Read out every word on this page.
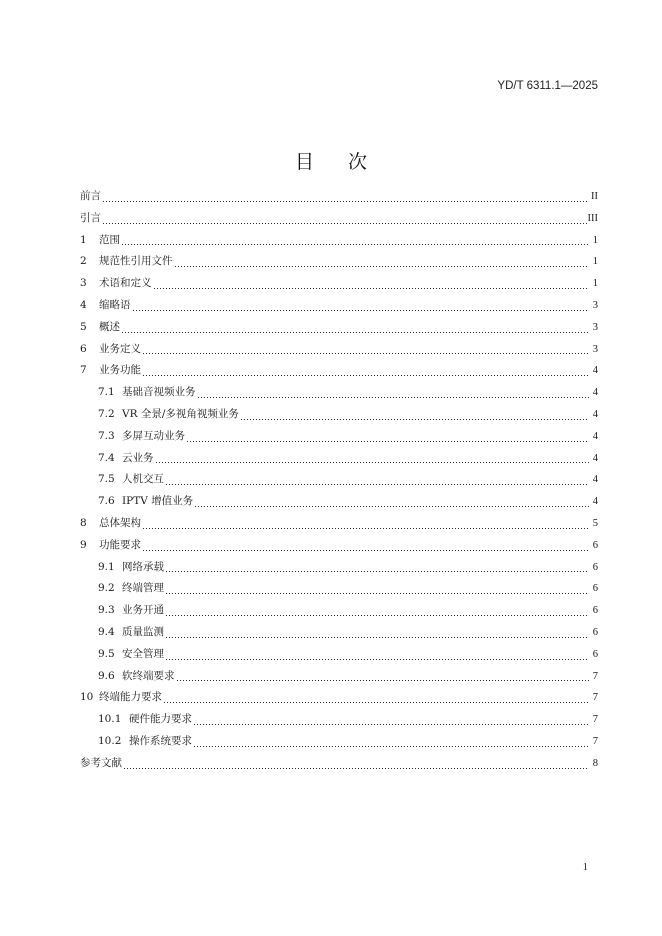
YD/T 6311.1—2025
目次
前言	II
引言	III
1	范围	1
2	规范性引用文件	1
3	术语和定义	1
4	缩略语	3
5	概述	3
6	业务定义	3
7	业务功能	4
7.1 基础音视频业务	4
7.2 VR 全景/多视角视频业务	4
7.3 多屏互动业务	4
7.4 云业务	4
7.5 人机交互	4
7.6 IPTV 增值业务	4
8	总体架构	5
9	功能要求	6
9.1 网络承载	6
9.2 终端管理	6
9.3 业务开通	6
9.4 质量监测	6
9.5 安全管理	6
9.6 软终端要求	7
10 终端能力要求	7
10.1 硬件能力要求	7
10.2 操作系统要求	7
参考文献	8
1
